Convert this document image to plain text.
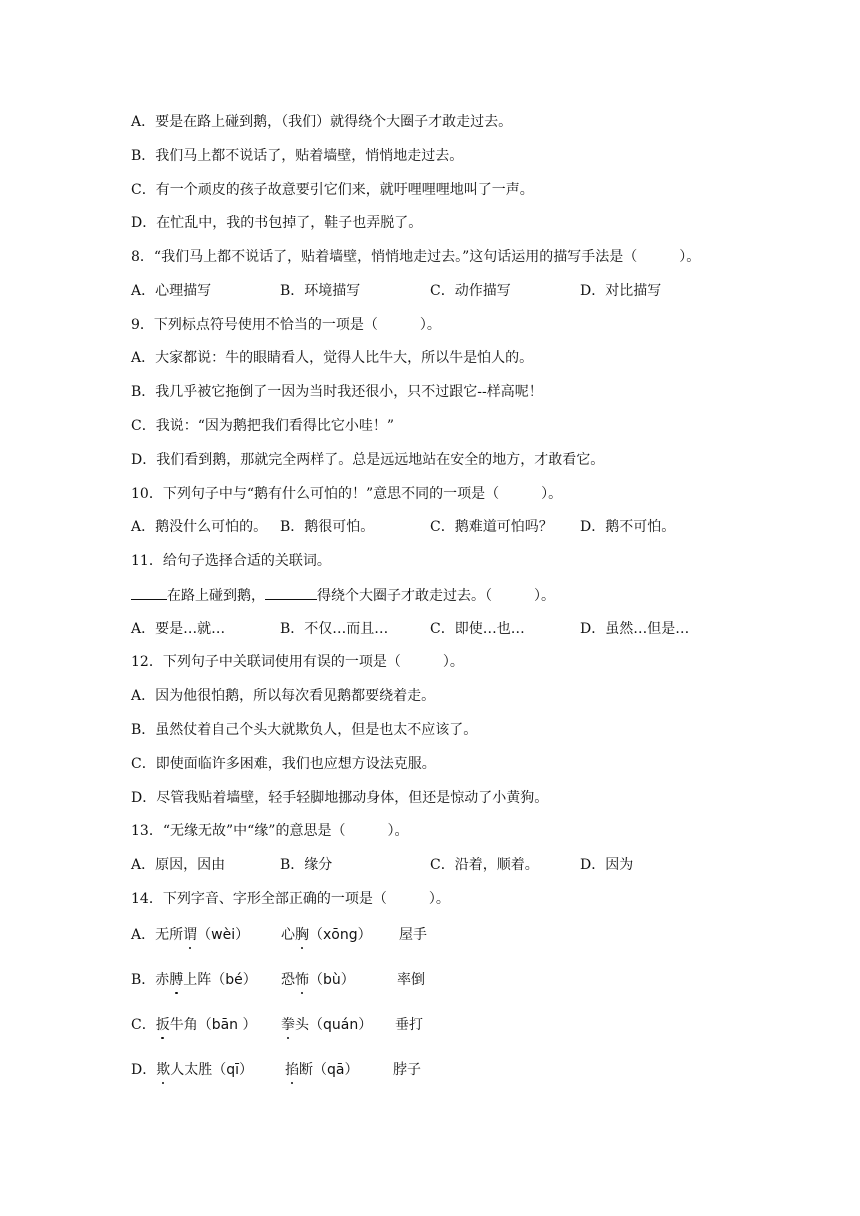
A．要是在路上碰到鹅，（我们）就得绕个大圈子才敢走过去。
B．我们马上都不说话了，贴着墙壁，悄悄地走过去。
C．有一个顽皮的孩子故意要引它们来，就吁哩哩哩地叫了一声。
D．在忙乱中，我的书包掉了，鞋子也弄脱了。
8．“我们马上都不说话了，贴着墙壁，悄悄地走过去。”这句话运用的描写手法是（　　　）。
A．心理描写	B．环境描写	C．动作描写	D．对比描写
9．下列标点符号使用不恰当的一项是（　　　）。
A．大家都说：牛的眼睛看人，觉得人比牛大，所以牛是怕人的。
B．我几乎被它拖倒了一因为当时我还很小，只不过跟它--样高呢！
C．我说：“因为鹅把我们看得比它小哇！”
D．我们看到鹅，那就完全两样了。总是远远地站在安全的地方，才敢看它。
10．下列句子中与“鹅有什么可怕的！”意思不同的一项是（　　　）。
A．鹅没什么可怕的。 B．鹅很可怕。	C．鹅难道可怕吗？ D．鹅不可怕。
11．给句子选择合适的关联词。
在路上碰到鹅，	得绕个大圈子才敢走过去。（　　　）。
A．要是…就…	B．不仅…而且…	C．即使…也…	D．虽然…但是…
12．下列句子中关联词使用有误的一项是（　　　）。
A．因为他很怕鹅，所以每次看见鹅都要绕着走。
B．虽然仗着自己个头大就欺负人，但是也太不应该了。
C．即使面临许多困难，我们也应想方设法克服。
D．尽管我贴着墙壁，轻手轻脚地挪动身体，但还是惊动了小黄狗。
13．“无缘无故”中“缘”的意思是（　　　）。
A．原因，因由	B．缘分	C．沿着，顺着。	D．因为
14．下列字音、字形全部正确的一项是（　　　）。
A．无所谓（wèi） 心胸（xōng） 屋手
B．赤膊上阵（bé） 恐怖（bù）	率倒
C．扳牛角（bān ） 拳头（quán） 垂打
D．欺人太胜（qī） 掐断（qā） 脖子
